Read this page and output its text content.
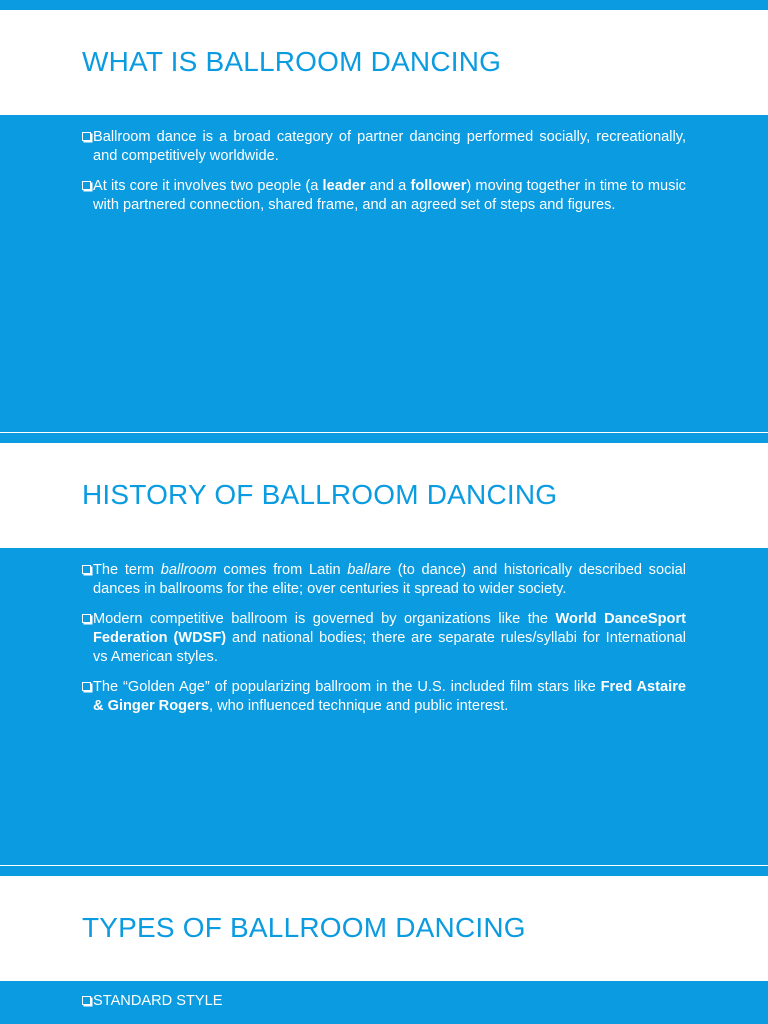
WHAT IS BALLROOM DANCING

Ballroom dance is a broad category of partner dancing performed socially, recreationally, and competitively worldwide.

At its core it involves two people (a leader and a follower) moving together in time to music with partnered connection, shared frame, and an agreed set of steps and figures.

HISTORY OF BALLROOM DANCING

The term ballroom comes from Latin ballare (to dance) and historically described social dances in ballrooms for the elite; over centuries it spread to wider society.

Modern competitive ballroom is governed by organizations like the World DanceSport Federation (WDSF) and national bodies; there are separate rules/syllabi for International vs American styles.

The “Golden Age” of popularizing ballroom in the U.S. included film stars like Fred Astaire & Ginger Rogers, who influenced technique and public interest.

TYPES OF BALLROOM DANCING

STANDARD STYLE
